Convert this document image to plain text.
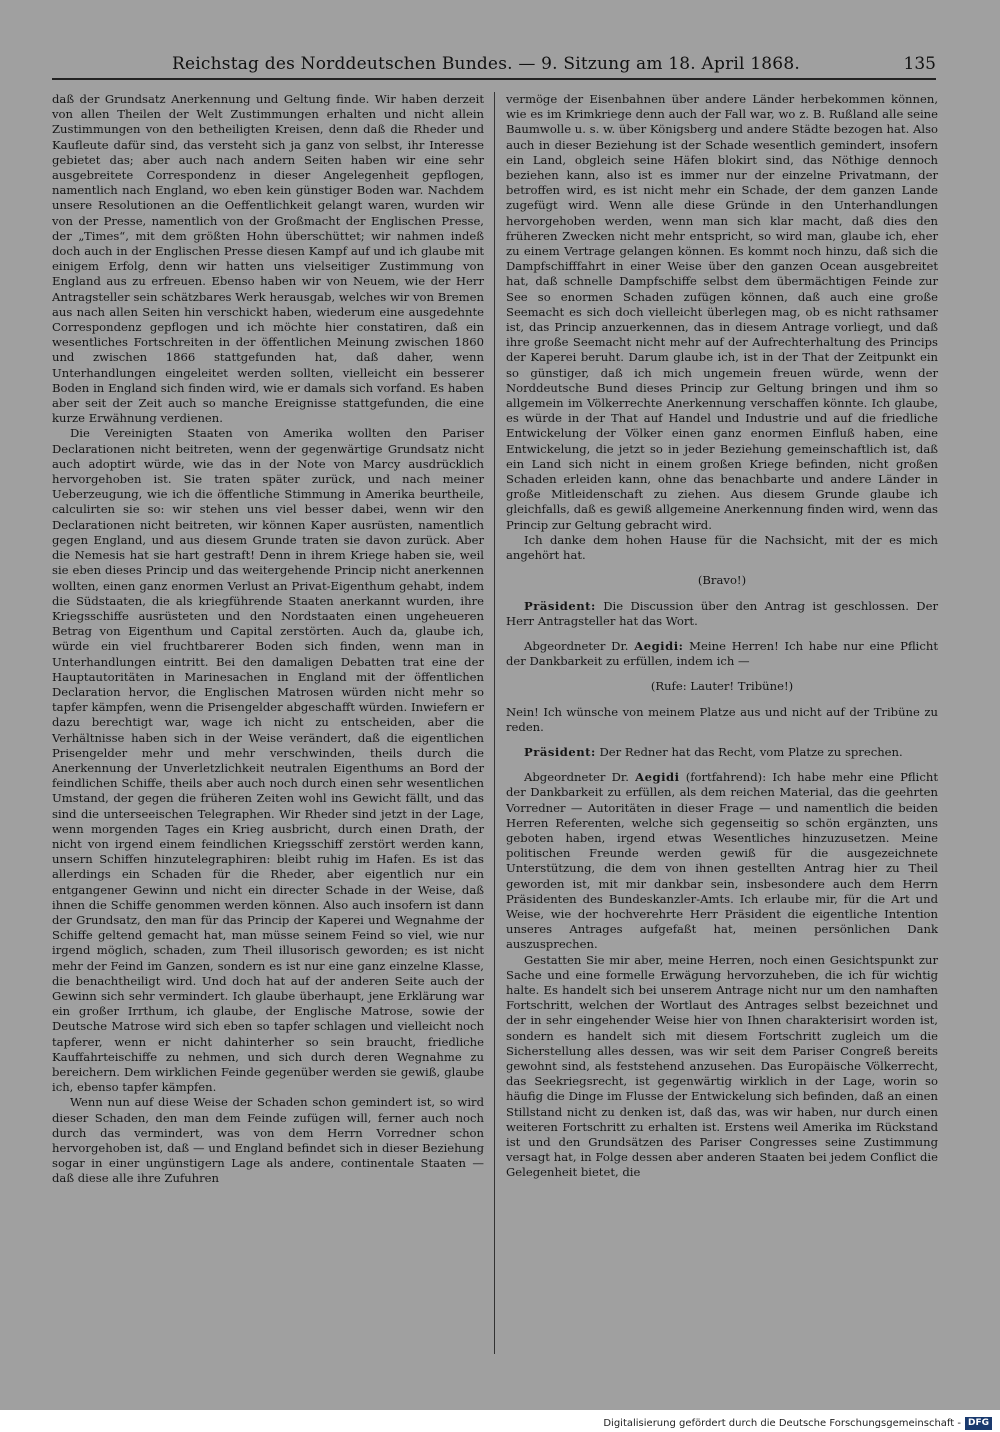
Reichstag des Norddeutschen Bundes. — 9. Sitzung am 18. April 1868.	135

daß der Grundsatz Anerkennung und Geltung finde. Wir haben derzeit von allen Theilen der Welt Zustimmungen erhalten und nicht allein Zustimmungen von den betheiligten Kreisen, denn daß die Rheder und Kaufleute dafür sind, das versteht sich ja ganz von selbst, ihr Interesse gebietet das; aber auch nach andern Seiten haben wir eine sehr ausgebreitete Correspondenz in dieser Angelegenheit gepflogen, namentlich nach England, wo eben kein günstiger Boden war. Nachdem unsere Resolutionen an die Oeffentlichkeit gelangt waren, wurden wir von der Presse, namentlich von der Großmacht der Englischen Presse, der „Times“, mit dem größten Hohn überschüttet; wir nahmen indeß doch auch in der Englischen Presse diesen Kampf auf und ich glaube mit einigem Erfolg, denn wir hatten uns vielseitiger Zustimmung von England aus zu erfreuen. Ebenso haben wir von Neuem, wie der Herr Antragsteller sein schätzbares Werk herausgab, welches wir von Bremen aus nach allen Seiten hin verschickt haben, wiederum eine ausgedehnte Correspondenz gepflogen und ich möchte hier constatiren, daß ein wesentliches Fortschreiten in der öffentlichen Meinung zwischen 1860 und zwischen 1866 stattgefunden hat, daß daher, wenn Unterhandlungen eingeleitet werden sollten, vielleicht ein besserer Boden in England sich finden wird, wie er damals sich vorfand. Es haben aber seit der Zeit auch so manche Ereignisse stattgefunden, die eine kurze Erwähnung verdienen.

Die Vereinigten Staaten von Amerika wollten den Pariser Declarationen nicht beitreten, wenn der gegenwärtige Grundsatz nicht auch adoptirt würde, wie das in der Note von Marcy ausdrücklich hervorgehoben ist. Sie traten später zurück, und nach meiner Ueberzeugung, wie ich die öffentliche Stimmung in Amerika beurtheile, calculirten sie so: wir stehen uns viel besser dabei, wenn wir den Declarationen nicht beitreten, wir können Kaper ausrüsten, namentlich gegen England, und aus diesem Grunde traten sie davon zurück. Aber die Nemesis hat sie hart gestraft! Denn in ihrem Kriege haben sie, weil sie eben dieses Princip und das weitergehende Princip nicht anerkennen wollten, einen ganz enormen Verlust an Privat-Eigenthum gehabt, indem die Südstaaten, die als kriegführende Staaten anerkannt wurden, ihre Kriegsschiffe ausrüsteten und den Nordstaaten einen ungeheueren Betrag von Eigenthum und Capital zerstörten. Auch da, glaube ich, würde ein viel fruchtbarerer Boden sich finden, wenn man in Unterhandlungen eintritt. Bei den damaligen Debatten trat eine der Hauptautoritäten in Marinesachen in England mit der öffentlichen Declaration hervor, die Englischen Matrosen würden nicht mehr so tapfer kämpfen, wenn die Prisengelder abgeschafft würden. Inwiefern er dazu berechtigt war, wage ich nicht zu entscheiden, aber die Verhältnisse haben sich in der Weise verändert, daß die eigentlichen Prisengelder mehr und mehr verschwinden, theils durch die Anerkennung der Unverletzlichkeit neutralen Eigenthums an Bord der feindlichen Schiffe, theils aber auch noch durch einen sehr wesentlichen Umstand, der gegen die früheren Zeiten wohl ins Gewicht fällt, und das sind die unterseeischen Telegraphen. Wir Rheder sind jetzt in der Lage, wenn morgenden Tages ein Krieg ausbricht, durch einen Drath, der nicht von irgend einem feindlichen Kriegsschiff zerstört werden kann, unsern Schiffen hinzutelegraphiren: bleibt ruhig im Hafen. Es ist das allerdings ein Schaden für die Rheder, aber eigentlich nur ein entgangener Gewinn und nicht ein directer Schade in der Weise, daß ihnen die Schiffe genommen werden können. Also auch insofern ist dann der Grundsatz, den man für das Princip der Kaperei und Wegnahme der Schiffe geltend gemacht hat, man müsse seinem Feind so viel, wie nur irgend möglich, schaden, zum Theil illusorisch geworden; es ist nicht mehr der Feind im Ganzen, sondern es ist nur eine ganz einzelne Klasse, die benachtheiligt wird. Und doch hat auf der anderen Seite auch der Gewinn sich sehr vermindert. Ich glaube überhaupt, jene Erklärung war ein großer Irrthum, ich glaube, der Englische Matrose, sowie der Deutsche Matrose wird sich eben so tapfer schlagen und vielleicht noch tapferer, wenn er nicht dahinterher so sein braucht, friedliche Kauffahrteischiffe zu nehmen, und sich durch deren Wegnahme zu bereichern. Dem wirklichen Feinde gegenüber werden sie gewiß, glaube ich, ebenso tapfer kämpfen.

Wenn nun auf diese Weise der Schaden schon gemindert ist, so wird dieser Schaden, den man dem Feinde zufügen will, ferner auch noch durch das vermindert, was von dem Herrn Vorredner schon hervorgehoben ist, daß — und England befindet sich in dieser Beziehung sogar in einer ungünstigern Lage als andere, continentale Staaten — daß diese alle ihre Zufuhren

vermöge der Eisenbahnen über andere Länder herbekommen können, wie es im Krimkriege denn auch der Fall war, wo z. B. Rußland alle seine Baumwolle u. s. w. über Königsberg und andere Städte bezogen hat. Also auch in dieser Beziehung ist der Schade wesentlich gemindert, insofern ein Land, obgleich seine Häfen blokirt sind, das Nöthige dennoch beziehen kann, also ist es immer nur der einzelne Privatmann, der betroffen wird, es ist nicht mehr ein Schade, der dem ganzen Lande zugefügt wird. Wenn alle diese Gründe in den Unterhandlungen hervorgehoben werden, wenn man sich klar macht, daß dies den früheren Zwecken nicht mehr entspricht, so wird man, glaube ich, eher zu einem Vertrage gelangen können. Es kommt noch hinzu, daß sich die Dampfschifffahrt in einer Weise über den ganzen Ocean ausgebreitet hat, daß schnelle Dampfschiffe selbst dem übermächtigen Feinde zur See so enormen Schaden zufügen können, daß auch eine große Seemacht es sich doch vielleicht überlegen mag, ob es nicht rathsamer ist, das Princip anzuerkennen, das in diesem Antrage vorliegt, und daß ihre große Seemacht nicht mehr auf der Aufrechterhaltung des Princips der Kaperei beruht. Darum glaube ich, ist in der That der Zeitpunkt ein so günstiger, daß ich mich ungemein freuen würde, wenn der Norddeutsche Bund dieses Princip zur Geltung bringen und ihm so allgemein im Völkerrechte Anerkennung verschaffen könnte. Ich glaube, es würde in der That auf Handel und Industrie und auf die friedliche Entwickelung der Völker einen ganz enormen Einfluß haben, eine Entwickelung, die jetzt so in jeder Beziehung gemeinschaftlich ist, daß ein Land sich nicht in einem großen Kriege befinden, nicht großen Schaden erleiden kann, ohne das benachbarte und andere Länder in große Mitleidenschaft zu ziehen. Aus diesem Grunde glaube ich gleichfalls, daß es gewiß allgemeine Anerkennung finden wird, wenn das Princip zur Geltung gebracht wird.

Ich danke dem hohen Hause für die Nachsicht, mit der es mich angehört hat.

(Bravo!)

Präsident: Die Discussion über den Antrag ist geschlossen. Der Herr Antragsteller hat das Wort.

Abgeordneter Dr. Aegidi: Meine Herren! Ich habe nur eine Pflicht der Dankbarkeit zu erfüllen, indem ich —

(Rufe: Lauter! Tribüne!)

Nein! Ich wünsche von meinem Platze aus und nicht auf der Tribüne zu reden.

Präsident: Der Redner hat das Recht, vom Platze zu sprechen.

Abgeordneter Dr. Aegidi (fortfahrend): Ich habe mehr eine Pflicht der Dankbarkeit zu erfüllen, als dem reichen Material, das die geehrten Vorredner — Autoritäten in dieser Frage — und namentlich die beiden Herren Referenten, welche sich gegenseitig so schön ergänzten, uns geboten haben, irgend etwas Wesentliches hinzuzusetzen. Meine politischen Freunde werden gewiß für die ausgezeichnete Unterstützung, die dem von ihnen gestellten Antrag hier zu Theil geworden ist, mit mir dankbar sein, insbesondere auch dem Herrn Präsidenten des Bundeskanzler-Amts. Ich erlaube mir, für die Art und Weise, wie der hochverehrte Herr Präsident die eigentliche Intention unseres Antrages aufgefaßt hat, meinen persönlichen Dank auszusprechen.

Gestatten Sie mir aber, meine Herren, noch einen Gesichtspunkt zur Sache und eine formelle Erwägung hervorzuheben, die ich für wichtig halte. Es handelt sich bei unserem Antrage nicht nur um den namhaften Fortschritt, welchen der Wortlaut des Antrages selbst bezeichnet und der in sehr eingehender Weise hier von Ihnen charakterisirt worden ist, sondern es handelt sich mit diesem Fortschritt zugleich um die Sicherstellung alles dessen, was wir seit dem Pariser Congreß bereits gewohnt sind, als feststehend anzusehen. Das Europäische Völkerrecht, das Seekriegsrecht, ist gegenwärtig wirklich in der Lage, worin so häufig die Dinge im Flusse der Entwickelung sich befinden, daß an einen Stillstand nicht zu denken ist, daß das, was wir haben, nur durch einen weiteren Fortschritt zu erhalten ist. Erstens weil Amerika im Rückstand ist und den Grundsätzen des Pariser Congresses seine Zustimmung versagt hat, in Folge dessen aber anderen Staaten bei jedem Conflict die Gelegenheit bietet, die

Digitalisierung gefördert durch die Deutsche Forschungsgemeinschaft - DFG
